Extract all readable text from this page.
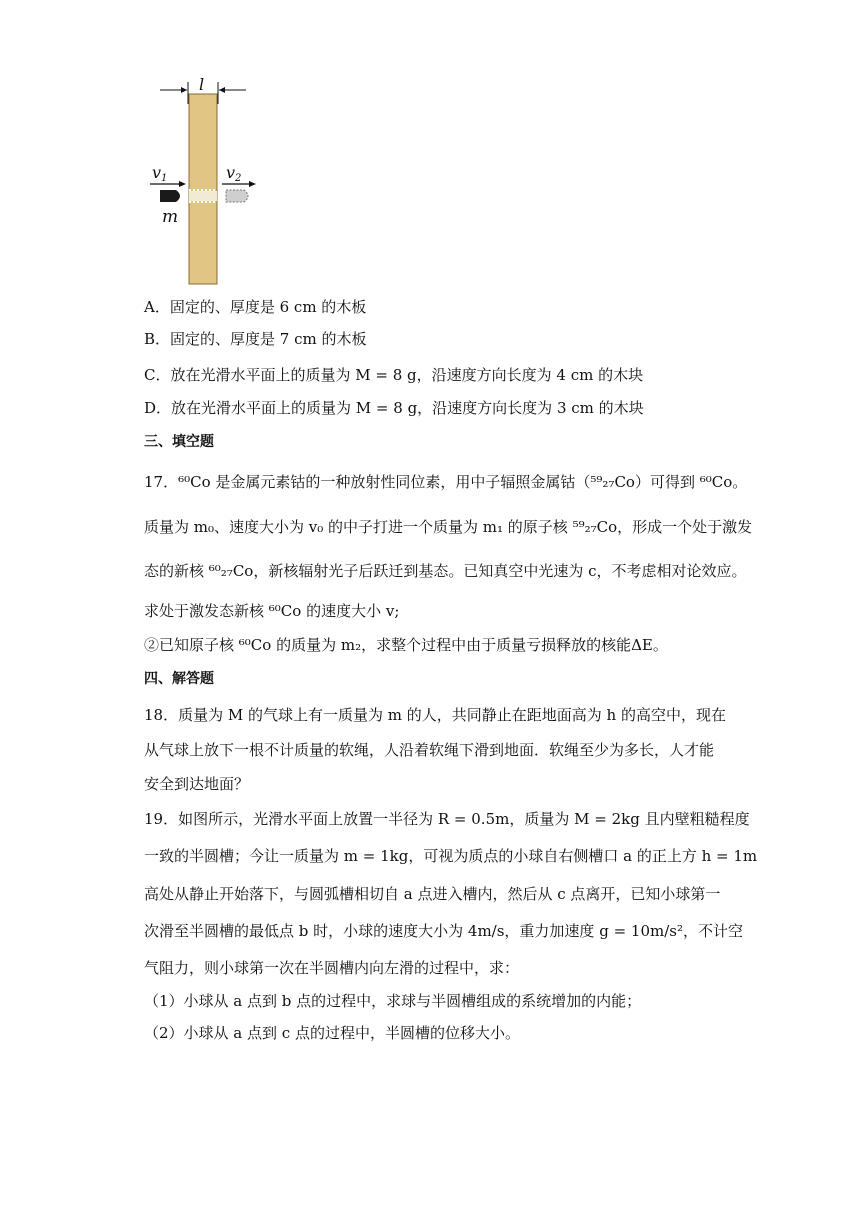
l
v1
m
v2
A．固定的、厚度是 6 cm 的木板
B．固定的、厚度是 7 cm 的木板
C．放在光滑水平面上的质量为 M = 8 g，沿速度方向长度为 4 cm 的木块
D．放在光滑水平面上的质量为 M = 8 g，沿速度方向长度为 3 cm 的木块
三、填空题
17．⁶⁰Co 是金属元素钴的一种放射性同位素，用中子辐照金属钴（⁵⁹₂₇Co）可得到 ⁶⁰Co。
质量为 m₀、速度大小为 v₀ 的中子打进一个质量为 m₁ 的原子核 ⁵⁹₂₇Co，形成一个处于激发
态的新核 ⁶⁰₂₇Co，新核辐射光子后跃迁到基态。已知真空中光速为 c，不考虑相对论效应。
求处于激发态新核 ⁶⁰Co 的速度大小 v;
②已知原子核 ⁶⁰Co 的质量为 m₂，求整个过程中由于质量亏损释放的核能ΔE。
四、解答题
18．质量为 M 的气球上有一质量为 m 的人，共同静止在距地面高为 h 的高空中，现在
从气球上放下一根不计质量的软绳，人沿着软绳下滑到地面．软绳至少为多长，人才能
安全到达地面？
19．如图所示，光滑水平面上放置一半径为 R = 0.5m，质量为 M = 2kg 且内壁粗糙程度
一致的半圆槽；今让一质量为 m = 1kg，可视为质点的小球自右侧槽口 a 的正上方 h = 1m
高处从静止开始落下，与圆弧槽相切自 a 点进入槽内，然后从 c 点离开，已知小球第一
次滑至半圆槽的最低点 b 时，小球的速度大小为 4m/s，重力加速度 g = 10m/s²，不计空
气阻力，则小球第一次在半圆槽内向左滑的过程中，求：
（1）小球从 a 点到 b 点的过程中，求球与半圆槽组成的系统增加的内能；
（2）小球从 a 点到 c 点的过程中，半圆槽的位移大小。
